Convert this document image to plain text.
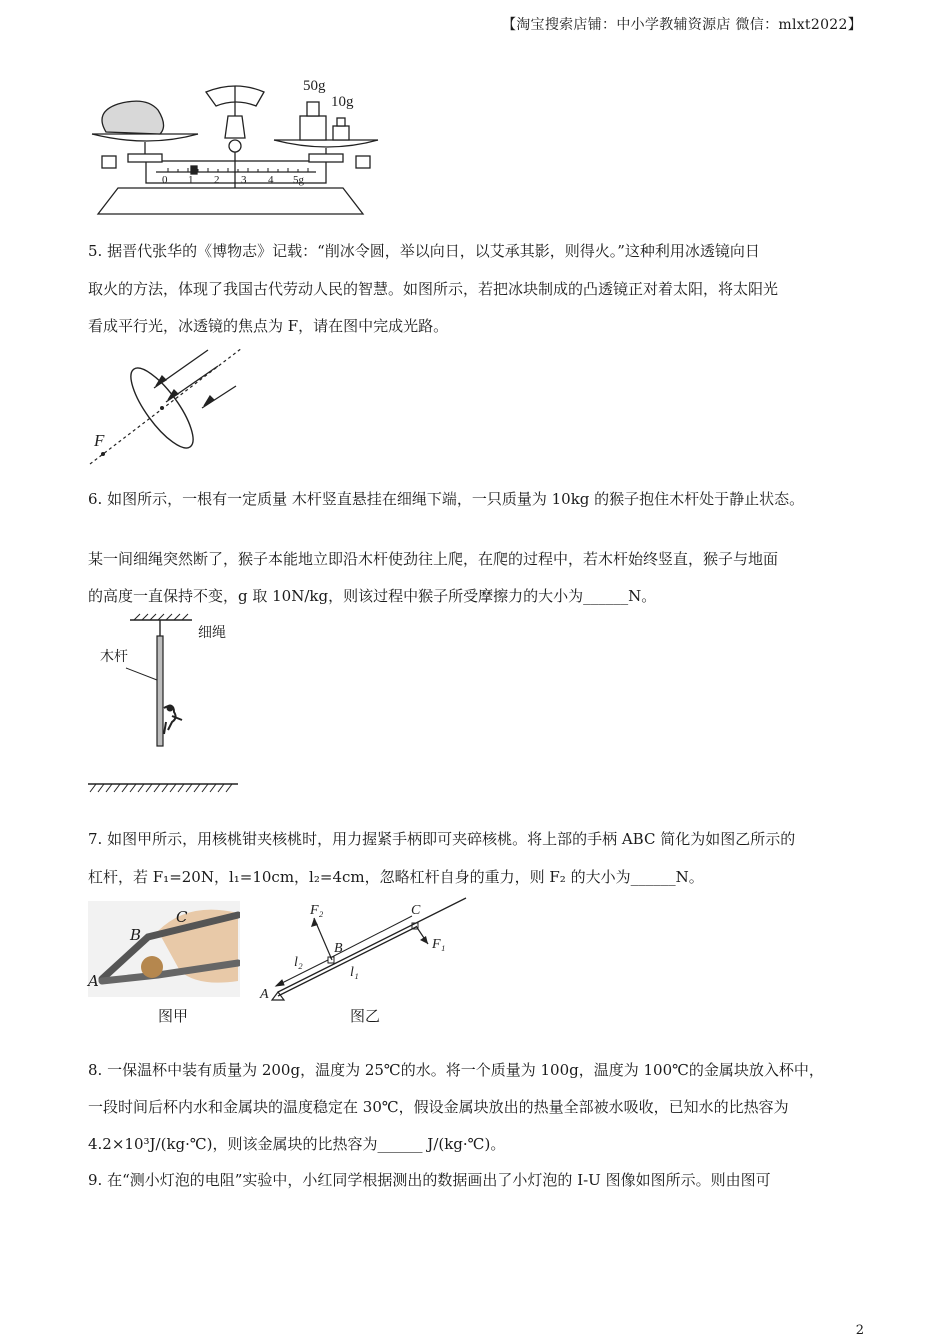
【淘宝搜索店铺：中小学教辅资源店 微信：mlxt2022】
0 1 2 3 4 5g
50g
10g
5. 据晋代张华的《博物志》记载：“削冰令圆，举以向日，以艾承其影，则得火。”这种利用冰透镜向日
取火的方法，体现了我国古代劳动人民的智慧。如图所示，若把冰块制成的凸透镜正对着太阳，将太阳光
看成平行光，冰透镜的焦点为 F，请在图中完成光路。
F
6. 如图所示，一根有一定质量 木杆竖直悬挂在细绳下端，一只质量为 10kg 的猴子抱住木杆处于静止状态。
某一间细绳突然断了，猴子本能地立即沿木杆使劲往上爬，在爬的过程中，若木杆始终竖直，猴子与地面
的高度一直保持不变，g 取 10N/kg，则该过程中猴子所受摩擦力的大小为______N。
细绳
木杆
7. 如图甲所示，用核桃钳夹核桃时，用力握紧手柄即可夹碎核桃。将上部的手柄 ABC 简化为如图乙所示的
杠杆，若 F₁=20N，l₁=10cm，l₂=4cm，忽略杠杆自身的重力，则 F₂ 的大小为______N。
C
B
A
图甲
C
B
A
F₂
F₁
l₂
l₁
图乙
8. 一保温杯中装有质量为 200g，温度为 25℃的水。将一个质量为 100g，温度为 100℃的金属块放入杯中，
一段时间后杯内水和金属块的温度稳定在 30℃，假设金属块放出的热量全部被水吸收，已知水的比热容为
4.2×10³J/(kg·℃)，则该金属块的比热容为______ J/(kg·℃)。
9. 在“测小灯泡的电阻”实验中，小红同学根据测出的数据画出了小灯泡的 I-U 图像如图所示。则由图可
2
